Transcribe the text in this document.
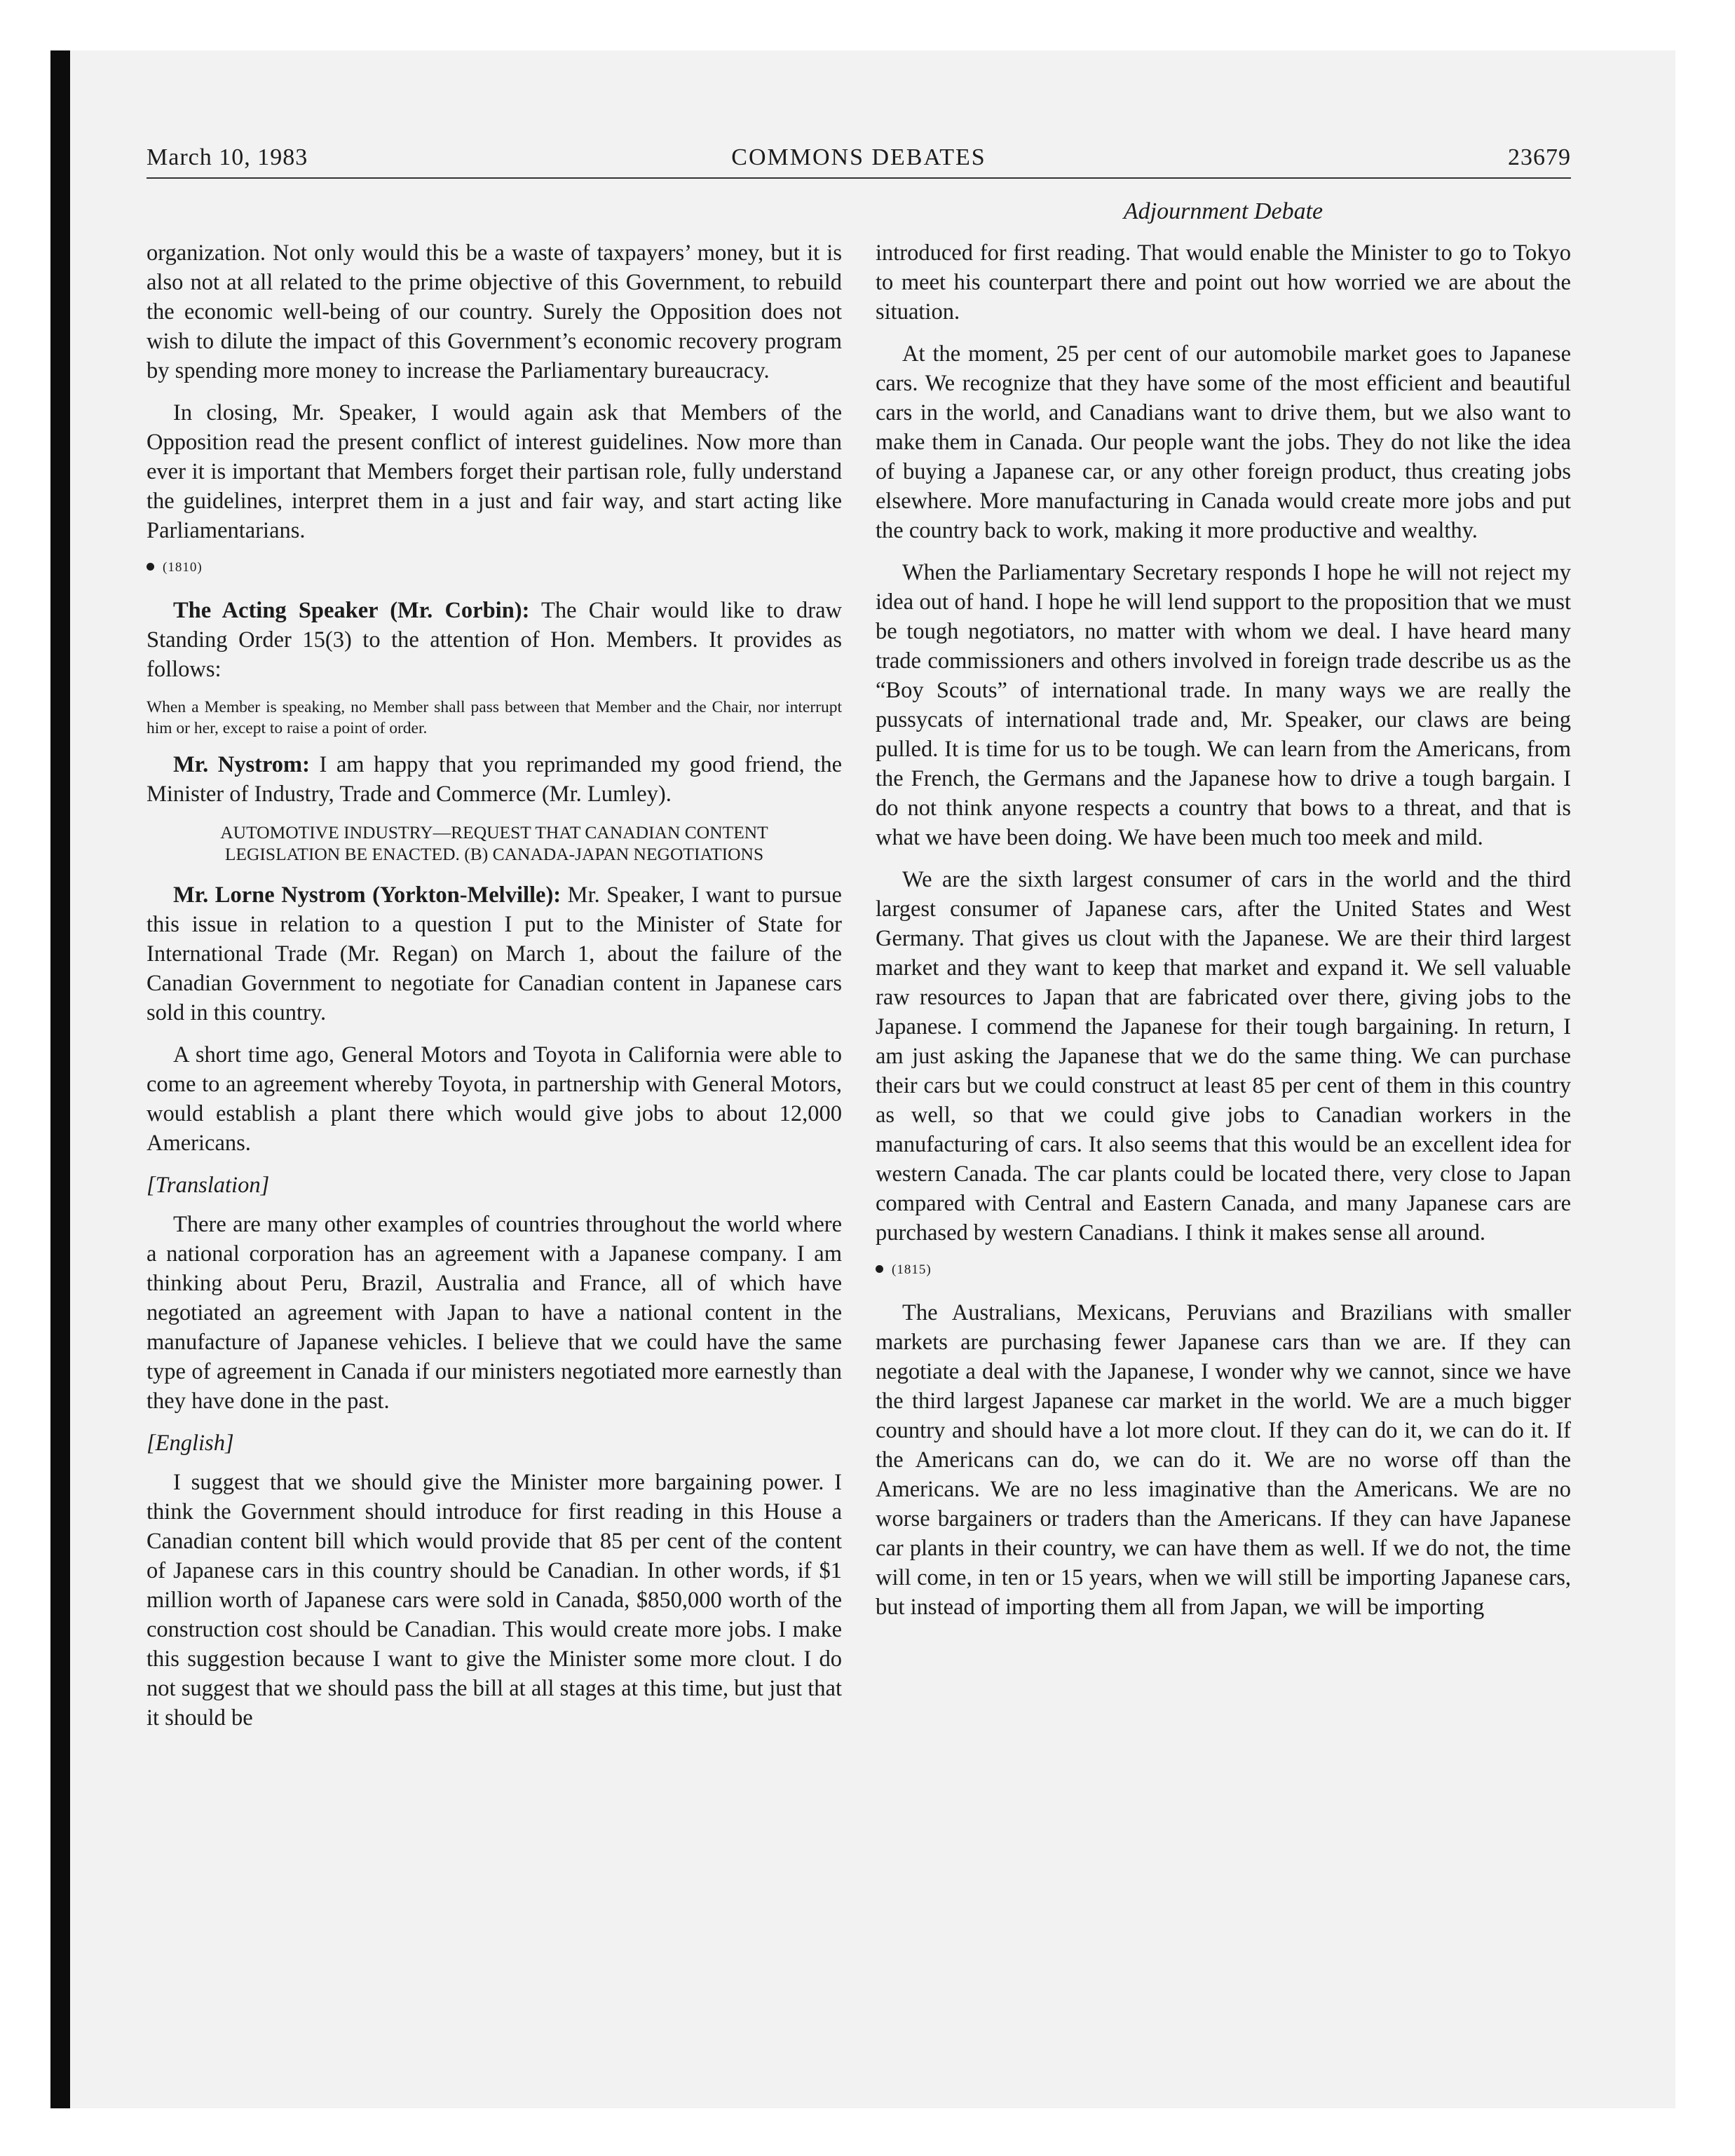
March 10, 1983	COMMONS DEBATES	23679
Adjournment Debate

organization. Not only would this be a waste of taxpayers’ money, but it is also not at all related to the prime objective of this Government, to rebuild the economic well-being of our country. Surely the Opposition does not wish to dilute the impact of this Government’s economic recovery program by spending more money to increase the Parliamentary bureaucracy.

In closing, Mr. Speaker, I would again ask that Members of the Opposition read the present conflict of interest guidelines. Now more than ever it is important that Members forget their partisan role, fully understand the guidelines, interpret them in a just and fair way, and start acting like Parliamentarians.

(1810)

The Acting Speaker (Mr. Corbin): The Chair would like to draw Standing Order 15(3) to the attention of Hon. Members. It provides as follows:

When a Member is speaking, no Member shall pass between that Member and the Chair, nor interrupt him or her, except to raise a point of order.

Mr. Nystrom: I am happy that you reprimanded my good friend, the Minister of Industry, Trade and Commerce (Mr. Lumley).

AUTOMOTIVE INDUSTRY—REQUEST THAT CANADIAN CONTENT
LEGISLATION BE ENACTED. (B) CANADA-JAPAN NEGOTIATIONS

Mr. Lorne Nystrom (Yorkton-Melville): Mr. Speaker, I want to pursue this issue in relation to a question I put to the Minister of State for International Trade (Mr. Regan) on March 1, about the failure of the Canadian Government to negotiate for Canadian content in Japanese cars sold in this country.

A short time ago, General Motors and Toyota in California were able to come to an agreement whereby Toyota, in partnership with General Motors, would establish a plant there which would give jobs to about 12,000 Americans.

[Translation]

There are many other examples of countries throughout the world where a national corporation has an agreement with a Japanese company. I am thinking about Peru, Brazil, Australia and France, all of which have negotiated an agreement with Japan to have a national content in the manufacture of Japanese vehicles. I believe that we could have the same type of agreement in Canada if our ministers negotiated more earnestly than they have done in the past.

[English]

I suggest that we should give the Minister more bargaining power. I think the Government should introduce for first reading in this House a Canadian content bill which would provide that 85 per cent of the content of Japanese cars in this country should be Canadian. In other words, if $1 million worth of Japanese cars were sold in Canada, $850,000 worth of the construction cost should be Canadian. This would create more jobs. I make this suggestion because I want to give the Minister some more clout. I do not suggest that we should pass the bill at all stages at this time, but just that it should be

introduced for first reading. That would enable the Minister to go to Tokyo to meet his counterpart there and point out how worried we are about the situation.

At the moment, 25 per cent of our automobile market goes to Japanese cars. We recognize that they have some of the most efficient and beautiful cars in the world, and Canadians want to drive them, but we also want to make them in Canada. Our people want the jobs. They do not like the idea of buying a Japanese car, or any other foreign product, thus creating jobs elsewhere. More manufacturing in Canada would create more jobs and put the country back to work, making it more productive and wealthy.

When the Parliamentary Secretary responds I hope he will not reject my idea out of hand. I hope he will lend support to the proposition that we must be tough negotiators, no matter with whom we deal. I have heard many trade commissioners and others involved in foreign trade describe us as the “Boy Scouts” of international trade. In many ways we are really the pussycats of international trade and, Mr. Speaker, our claws are being pulled. It is time for us to be tough. We can learn from the Americans, from the French, the Germans and the Japanese how to drive a tough bargain. I do not think anyone respects a country that bows to a threat, and that is what we have been doing. We have been much too meek and mild.

We are the sixth largest consumer of cars in the world and the third largest consumer of Japanese cars, after the United States and West Germany. That gives us clout with the Japanese. We are their third largest market and they want to keep that market and expand it. We sell valuable raw resources to Japan that are fabricated over there, giving jobs to the Japanese. I commend the Japanese for their tough bargaining. In return, I am just asking the Japanese that we do the same thing. We can purchase their cars but we could construct at least 85 per cent of them in this country as well, so that we could give jobs to Canadian workers in the manufacturing of cars. It also seems that this would be an excellent idea for western Canada. The car plants could be located there, very close to Japan compared with Central and Eastern Canada, and many Japanese cars are purchased by western Canadians. I think it makes sense all around.

(1815)

The Australians, Mexicans, Peruvians and Brazilians with smaller markets are purchasing fewer Japanese cars than we are. If they can negotiate a deal with the Japanese, I wonder why we cannot, since we have the third largest Japanese car market in the world. We are a much bigger country and should have a lot more clout. If they can do it, we can do it. If the Americans can do, we can do it. We are no worse off than the Americans. We are no less imaginative than the Americans. We are no worse bargainers or traders than the Americans. If they can have Japanese car plants in their country, we can have them as well. If we do not, the time will come, in ten or 15 years, when we will still be importing Japanese cars, but instead of importing them all from Japan, we will be importing
